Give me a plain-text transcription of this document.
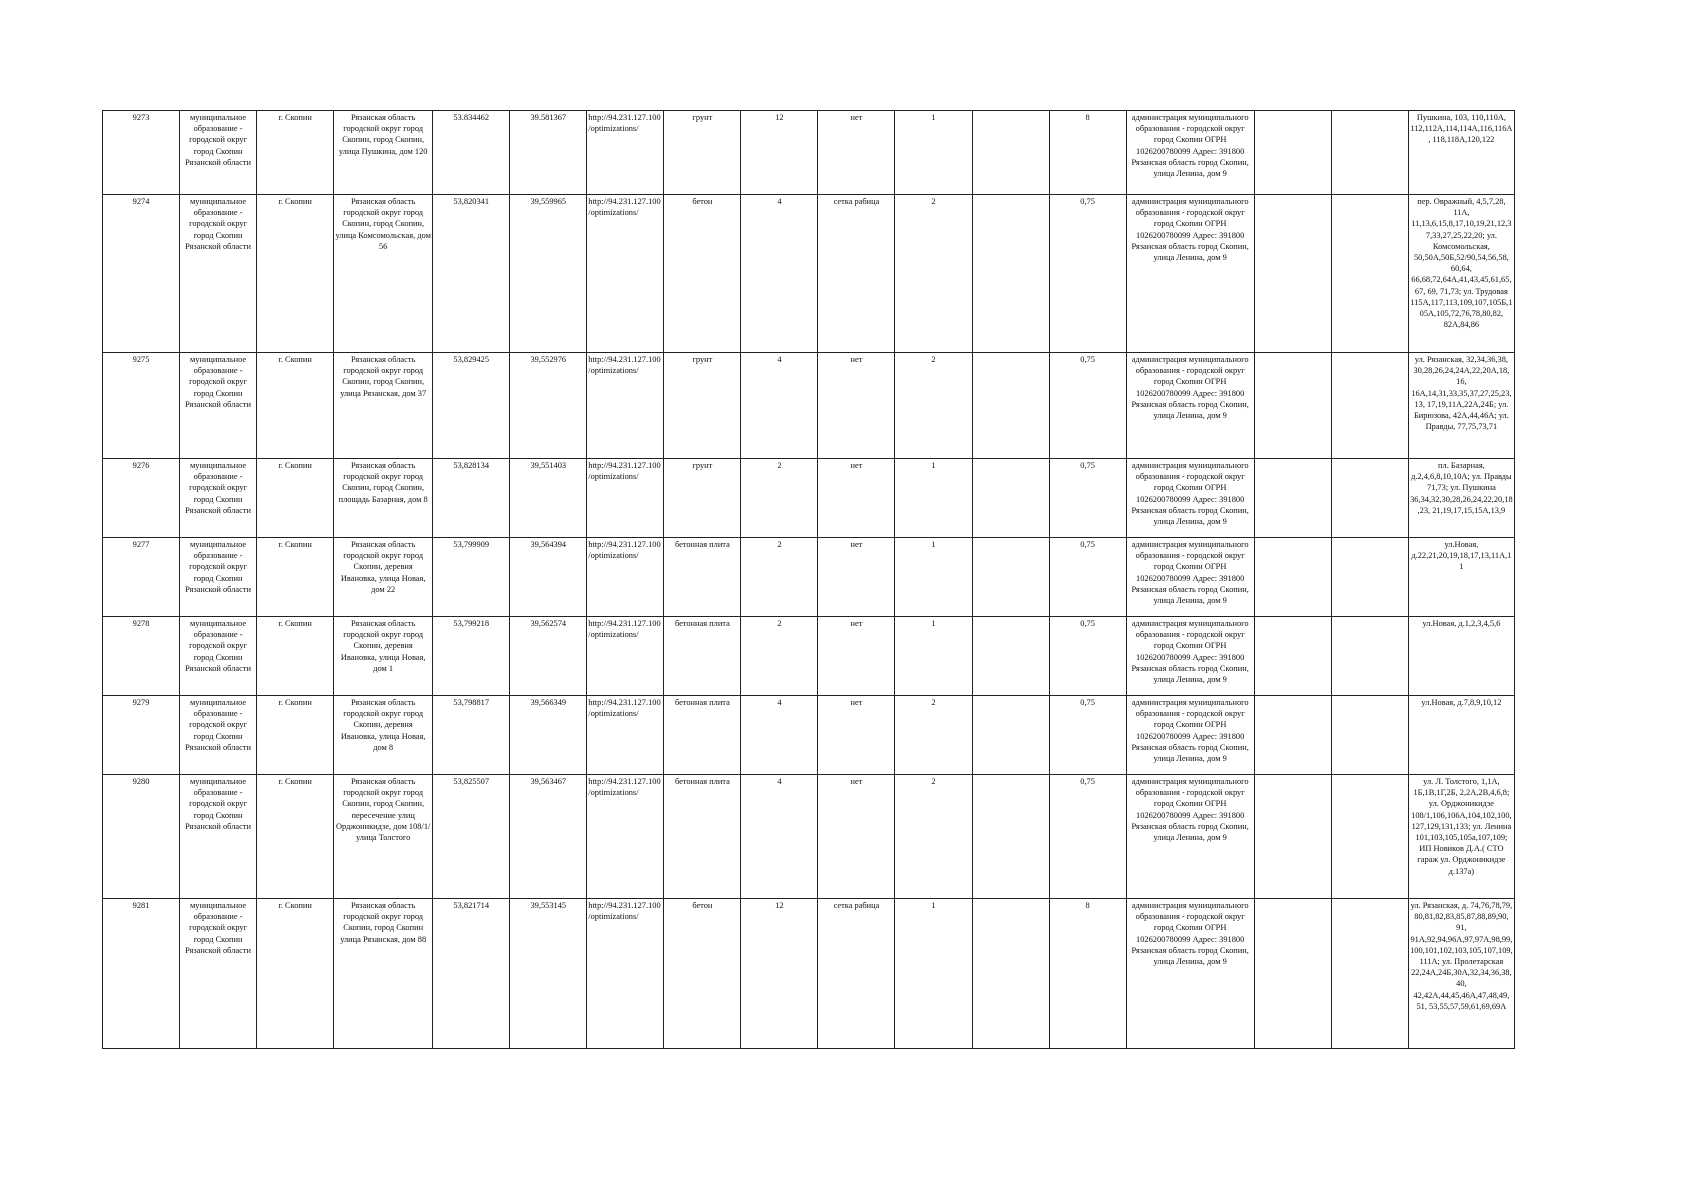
9273	муниципальное образование - городской округ город Скопин Рязанской области	г. Скопин	Рязанская область городской округ город Скопин, город Скопин, улица Пушкина, дом 120	53.834462	39.581367	http://94.231.127.100/optimizations/	грунт	12	нет	1		8	администрация муниципального образования - городской округ город Скопин ОГРН 1026200780099 Адрес: 391800 Рязанская область город Скопин, улица Ленина, дом 9			Пушкина, 103, 110,110А, 112,112А,114,114А,116,116А, 118,118А,120,122
9274	муниципальное образование - городской округ город Скопин Рязанской области	г. Скопин	Рязанская область городской округ город Скопин, город Скопин, улица Комсомольская, дом 56	53,820341	39,559965	http://94.231.127.100/optimizations/	бетон	4	сетка рабица	2		0,75	администрация муниципального образования - городской округ город Скопин ОГРН 1026200780099 Адрес: 391800 Рязанская область город Скопин, улица Ленина, дом 9			пер. Овражный, 4,5,7,28, 11А, 11,13,6,15,8,17,10,19,21,12,37,33,27,25,22,20; ул. Комсомольская, 50,50А,50Б,52/90,54,56,58, 60,64, 66,68,72,64А,41,43,45,61,65,67, 69, 71,73; ул. Трудовая 115А,117,113,109,107,105Б,105А,105,72,76,78,80,82, 82А,84,86
9275	муниципальное образование - городской округ город Скопин Рязанской области	г. Скопин	Рязанская область городской округ город Скопин, город Скопин, улица Рязанская, дом 37	53,829425	39,552976	http://94.231.127.100/optimizations/	грунт	4	нет	2		0,75	администрация муниципального образования - городской округ город Скопин ОГРН 1026200780099 Адрес: 391800 Рязанская область город Скопин, улица Ленина, дом 9			ул. Рязанская, 32,34,36,38, 30,28,26,24,24А,22,20А,18, 16, 16А,14,31,33,35,37,27,25,23,13, 17,19,11А,22А,24Б; ул. Бирюзова, 42А,44,46А; ул. Правды, 77,75,73,71
9276	муниципальное образование - городской округ город Скопин Рязанской области	г. Скопин	Рязанская область городской округ город Скопин, город Скопин, площадь Базарная, дом 8	53,828134	39,551403	http://94.231.127.100/optimizations/	грунт	2	нет	1		0,75	администрация муниципального образования - городской округ город Скопин ОГРН 1026200780099 Адрес: 391800 Рязанская область город Скопин, улица Ленина, дом 9			пл. Базарная, д.2,4,6,8,10,10А; ул. Правды 71,73; ул. Пушкина 36,34,32,30,28,26,24,22,20,18,23, 21,19,17,15,15А,13,9
9277	муниципальное образование - городской округ город Скопин Рязанской области	г. Скопин	Рязанская область городской округ город Скопин, деревня Ивановка, улица Новая, дом 22	53,799909	39,564394	http://94.231.127.100/optimizations/	бетонная плита	2	нет	1		0,75	администрация муниципального образования - городской округ город Скопин ОГРН 1026200780099 Адрес: 391800 Рязанская область город Скопин, улица Ленина, дом 9			ул.Новая, д.22,21,20,19,18,17,13,11А,11
9278	муниципальное образование - городской округ город Скопин Рязанской области	г. Скопин	Рязанская область городской округ город Скопин, деревня Ивановка, улица Новая, дом 1	53,799218	39,562574	http://94.231.127.100/optimizations/	бетонная плита	2	нет	1		0,75	администрация муниципального образования - городской округ город Скопин ОГРН 1026200780099 Адрес: 391800 Рязанская область город Скопин, улица Ленина, дом 9			ул.Новая, д.1,2,3,4,5,6
9279	муниципальное образование - городской округ город Скопин Рязанской области	г. Скопин	Рязанская область городской округ город Скопин, деревня Ивановка, улица Новая, дом 8	53,798817	39,566349	http://94.231.127.100/optimizations/	бетонная плита	4	нет	2		0,75	администрация муниципального образования - городской округ город Скопин ОГРН 1026200780099 Адрес: 391800 Рязанская область город Скопин, улица Ленина, дом 9			ул.Новая, д.7,8,9,10,12
9280	муниципальное образование - городской округ город Скопин Рязанской области	г. Скопин	Рязанская область городской округ город Скопин, город Скопин, пересечение улиц Орджоникидзе, дом 108/1/улица Толстого	53,825507	39,563467	http://94.231.127.100/optimizations/	бетонная плита	4	нет	2		0,75	администрация муниципального образования - городской округ город Скопин ОГРН 1026200780099 Адрес: 391800 Рязанская область город Скопин, улица Ленина, дом 9			ул. Л. Толстого, 1,1А, 1Б,1В,1Г,2Б, 2,2А,2В,4,6,8; ул. Орджоникидзе 108/1,106,106А,104,102,100,127,129,131,133; ул. Ленина 101,103,105,105а,107,109; ИП Новиков Д.А.( СТО гараж ул. Орджоникидзе д.137а)
9281	муниципальное образование - городской округ город Скопин Рязанской области	г. Скопин	Рязанская область городской округ город Скопин, город Скопин улица Рязанская, дом 88	53,821714	39,553145	http://94.231.127.100/optimizations/	бетон	12	сетка рабица	1		8	администрация муниципального образования - городской округ город Скопин ОГРН 1026200780099 Адрес: 391800 Рязанская область город Скопин, улица Ленина, дом 9			ул. Рязанская, д. 74,76,78,79, 80,81,82,83,85,87,88,89,90, 91, 91А,92,94,96А,97,97А,98,99, 100,101,102,103,105,107,109, 111А; ул. Пролетарская 22,24А,24Б,30А,32,34,36,38,40, 42,42А,44,45,46А,47,48,49, 51, 53,55,57,59,61,69,69А
